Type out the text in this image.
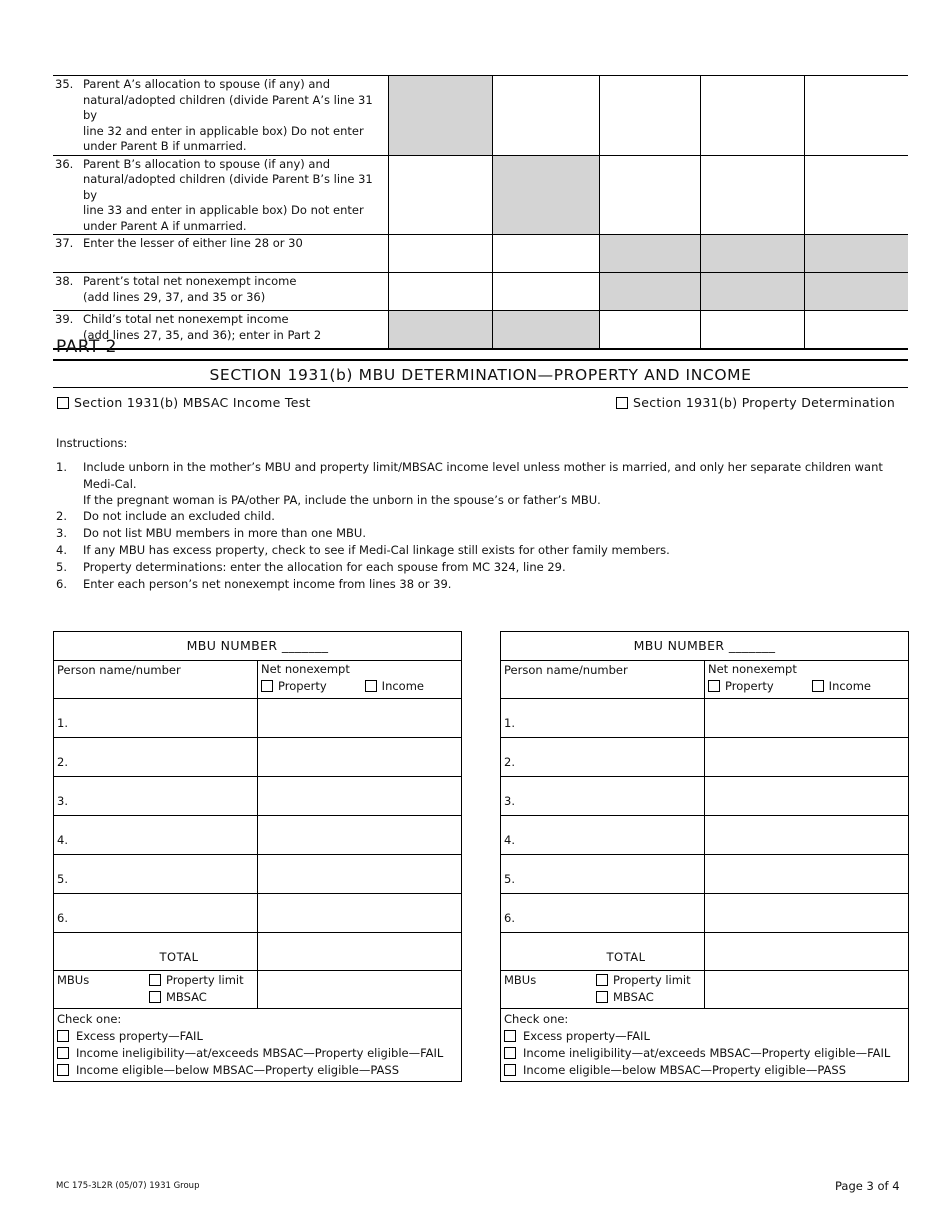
35. Parent A’s allocation to spouse (if any) and
natural/adopted children (divide Parent A’s line 31 by
line 32 and enter in applicable box) Do not enter
under Parent B if unmarried.					

36. Parent B’s allocation to spouse (if any) and
natural/adopted children (divide Parent B’s line 31 by
line 33 and enter in applicable box) Do not enter
under Parent A if unmarried.					

37. Enter the lesser of either line 28 or 30					

38. Parent’s total net nonexempt income
(add lines 29, 37, and 35 or 36)					

39. Child’s total net nonexempt income
(add lines 27, 35, and 36); enter in Part 2					

PART 2
SECTION 1931(b) MBU DETERMINATION—PROPERTY AND INCOME
Section 1931(b) MBSAC Income Test	Section 1931(b) Property Determination
Instructions:
1. Include unborn in the mother’s MBU and property limit/MBSAC income level unless mother is married, and only her separate children want Medi-Cal.
If the pregnant woman is PA/other PA, include the unborn in the spouse’s or father’s MBU.
2. Do not include an excluded child.
3. Do not list MBU members in more than one MBU.
4. If any MBU has excess property, check to see if Medi-Cal linkage still exists for other family members.
5. Property determinations: enter the allocation for each spouse from MC 324, line 29.
6. Enter each person’s net nonexempt income from lines 38 or 39.
MBU NUMBER _______
Person name/number	Net nonexempt
Property	Income
1.
2.
3.
4.
5.
6.
TOTAL
MBUs	Property limit
MBSAC
Check one:
Excess property—FAIL
Income ineligibility—at/exceeds MBSAC—Property eligible—FAIL
Income eligible—below MBSAC—Property eligible—PASS
MBU NUMBER _______
Person name/number	Net nonexempt
Property	Income
1.
2.
3.
4.
5.
6.
TOTAL
MBUs	Property limit
MBSAC
Check one:
Excess property—FAIL
Income ineligibility—at/exceeds MBSAC—Property eligible—FAIL
Income eligible—below MBSAC—Property eligible—PASS
MC 175-3L2R (05/07) 1931 Group	Page 3 of 4
